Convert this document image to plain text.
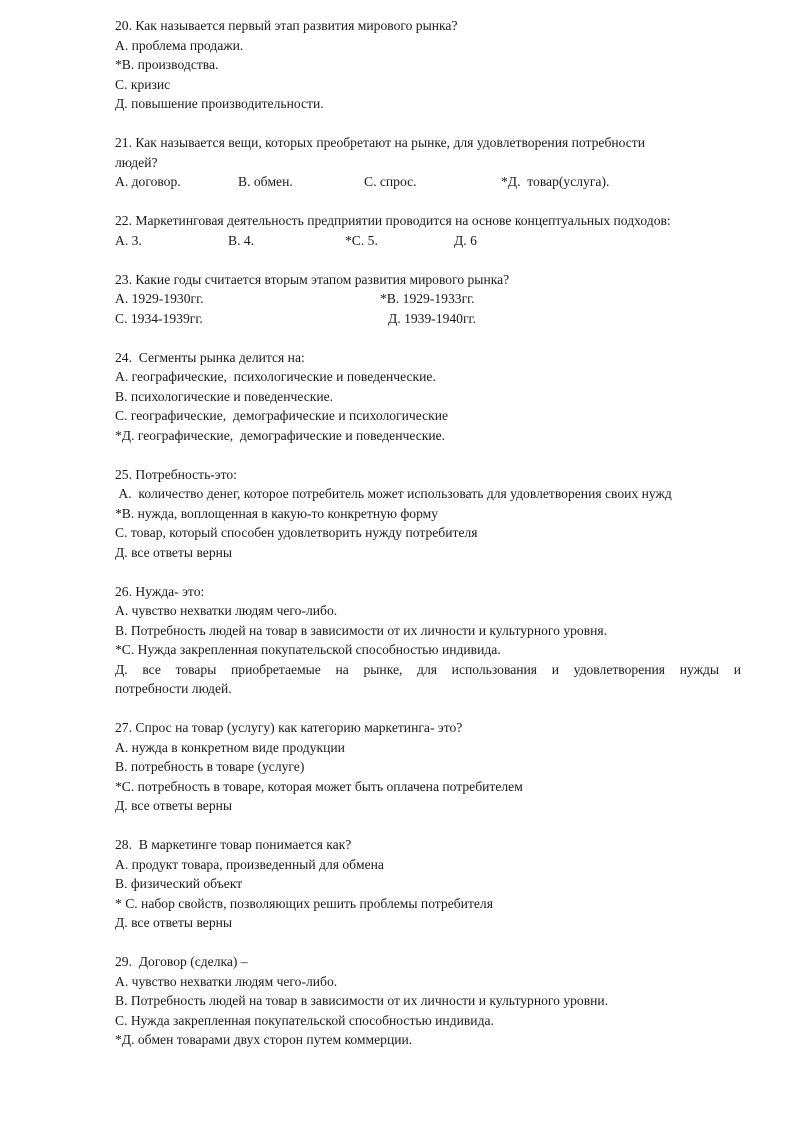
20. Как называется первый этап развития мирового рынка?
А. проблема продажи.
*В. производства.
С. кризис
Д. повышение производительности.
21. Как называется вещи, которых преобретают на рынке, для удовлетворения потребности
людей?
А. договор.	В. обмен.	С. спрос.	*Д.  товар(услуга).
22. Маркетинговая деятельность предприятии проводится на основе концептуальных подходов:
А. 3.	В. 4.	*С. 5.	Д. 6
23. Какие годы считается вторым этапом развития мирового рынка?
А. 1929-1930гг.	*В. 1929-1933гг.
С. 1934-1939гг.	Д. 1939-1940гг.
24.  Сегменты рынка делится на:
А. географические,  психологические и поведенческие.
В. психологические и поведенческие.
С. географические,  демографические и психологические
*Д. географические,  демографические и поведенческие.
25. Потребность-это:
А.  количество денег, которое потребитель может использовать для удовлетворения своих нужд
*В. нужда, воплощенная в какую-то конкретную форму
С. товар, который способен удовлетворить нужду потребителя
Д. все ответы верны
26. Нужда- это:
А. чувство нехватки людям чего-либо.
В. Потребность людей на товар в зависимости от их личности и культурного уровня.
*С. Нужда закрепленная покупательской способностью индивида.
Д. все товары приобретаемые на рынке, для использования и удовлетворения нужды и
потребности людей.
27. Спрос на товар (услугу) как категорию маркетинга- это?
А. нужда в конкретном виде продукции
В. потребность в товаре (услуге)
*С. потребность в товаре, которая может быть оплачена потребителем
Д. все ответы верны
28.  В маркетинге товар понимается как?
А. продукт товара, произведенный для обмена
В. физический объект
* С. набор свойств, позволяющих решить проблемы потребителя
Д. все ответы верны
29.  Договор (сделка) –
А. чувство нехватки людям чего-либо.
В. Потребность людей на товар в зависимости от их личности и культурного уровни.
С. Нужда закрепленная покупательской способностью индивида.
*Д. обмен товарами двух сторон путем коммерции.
